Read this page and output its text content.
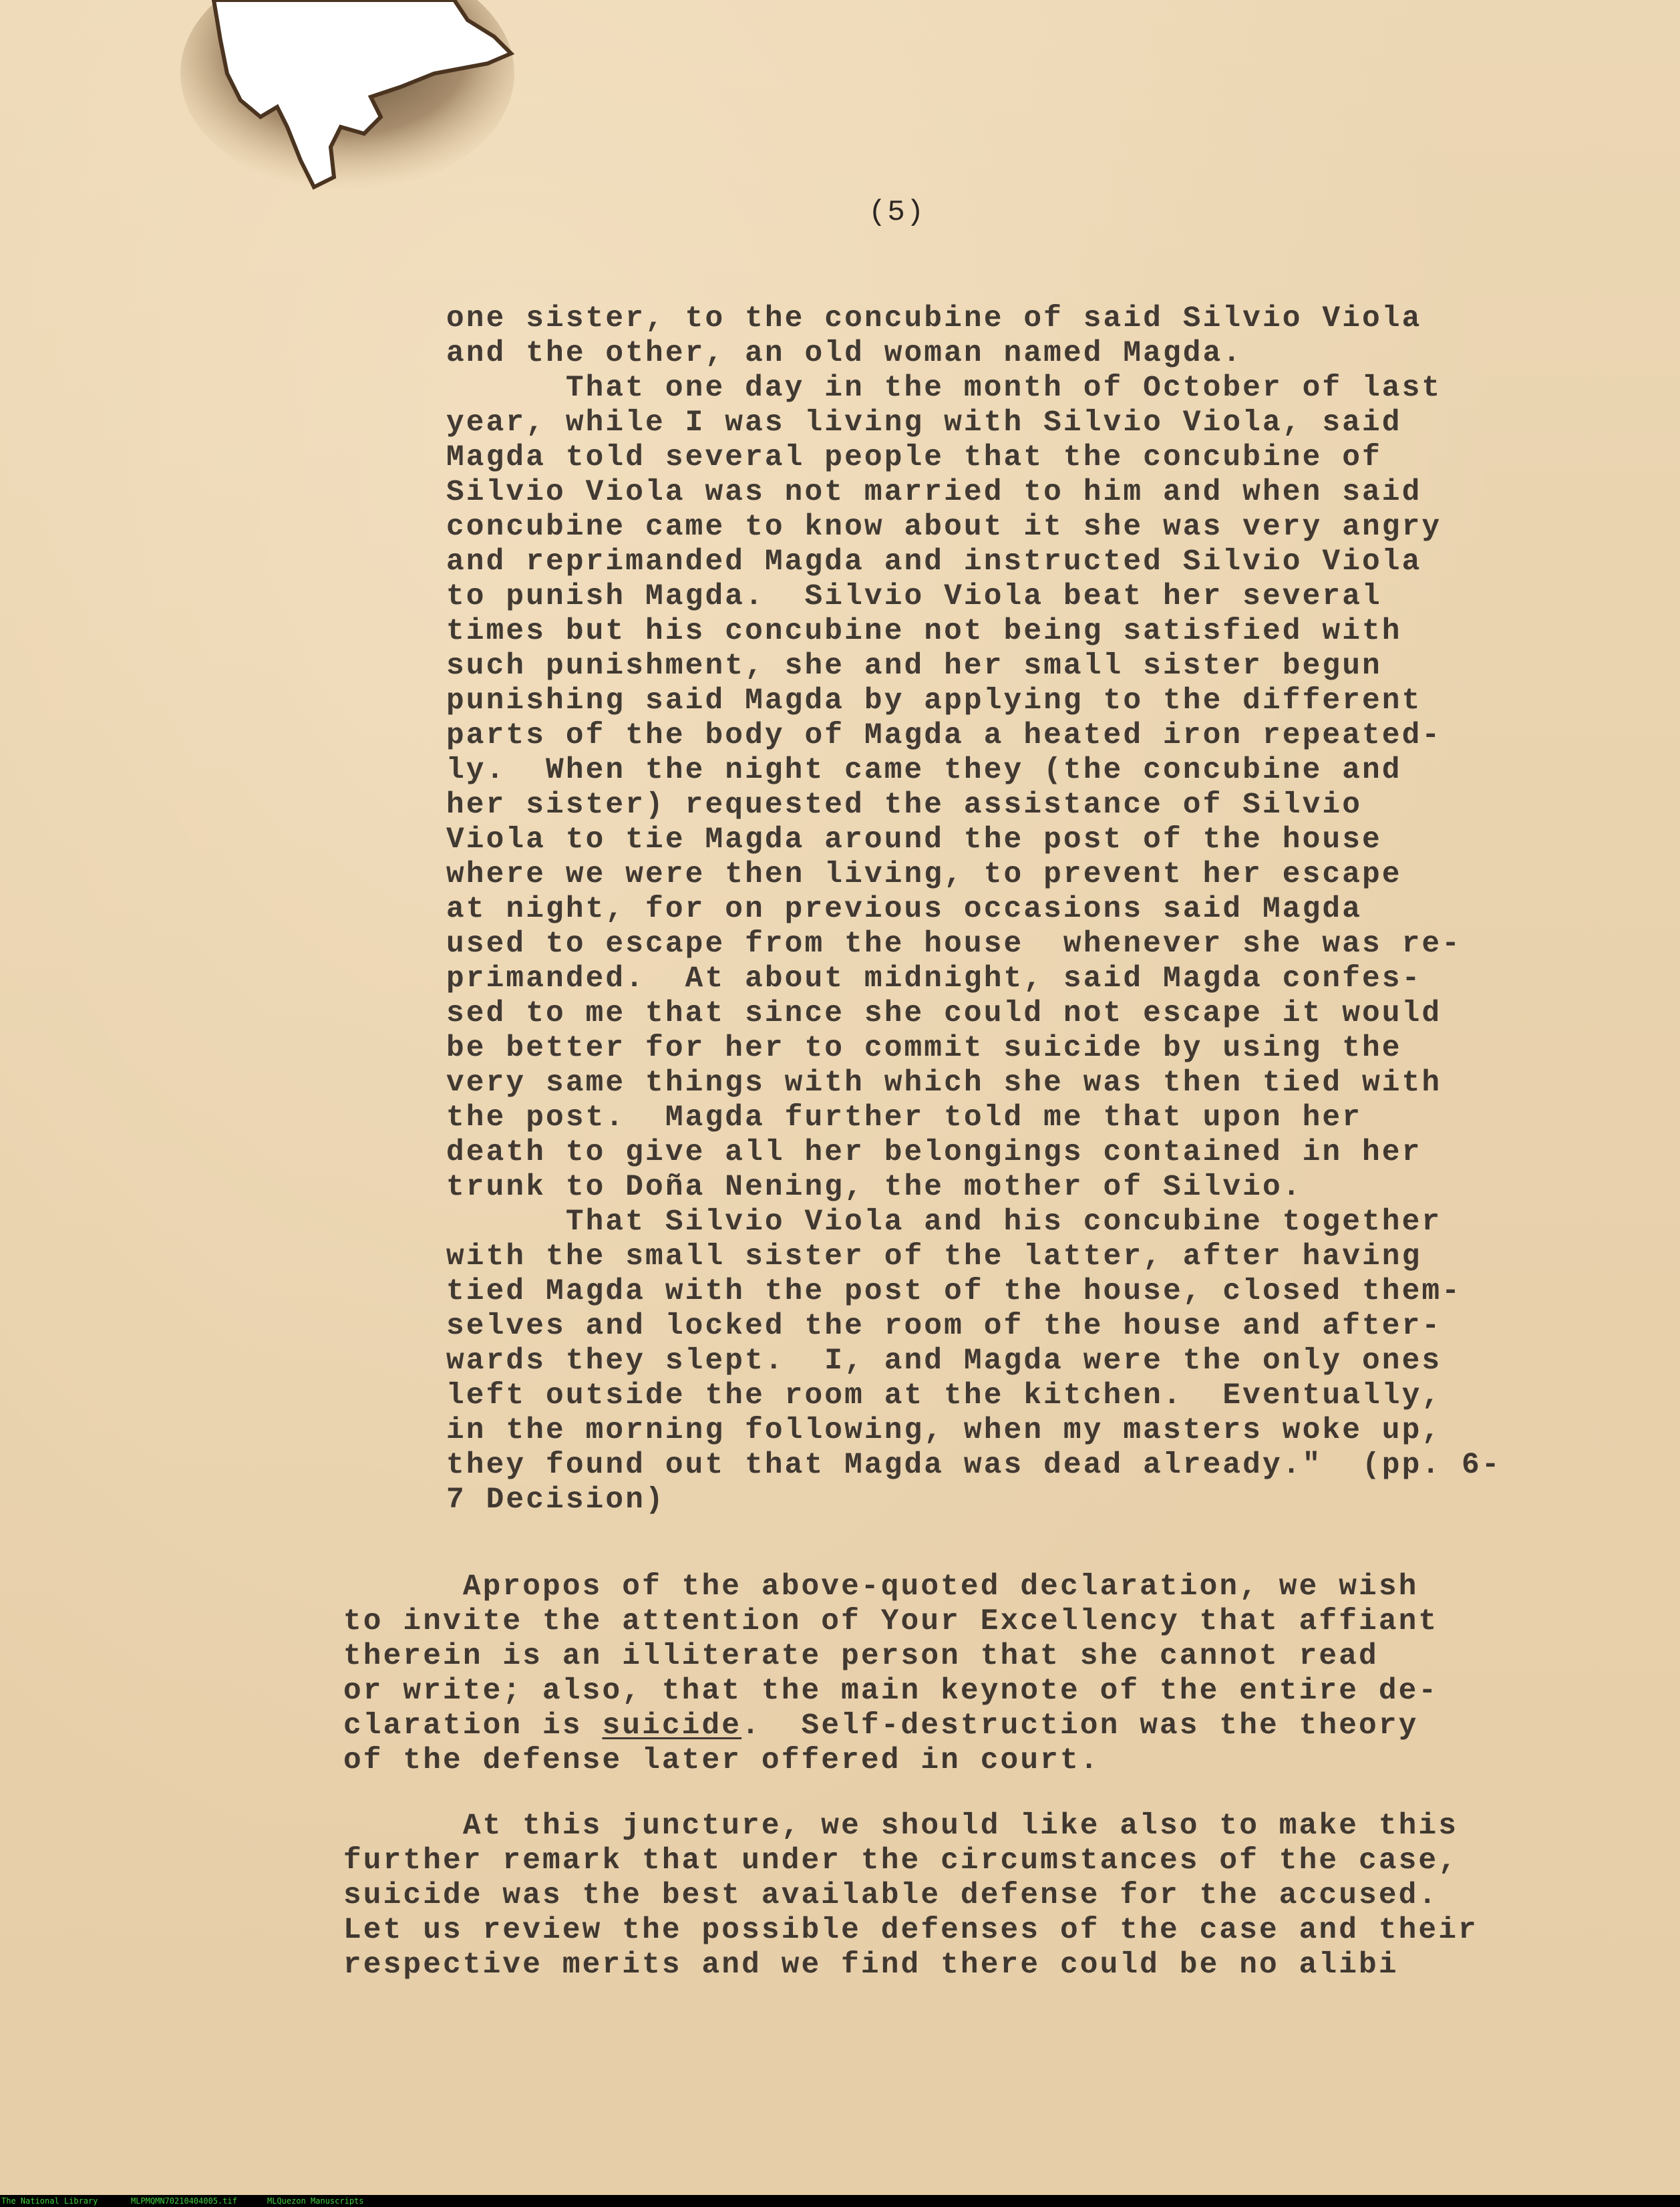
(5)
one sister, to the concubine of said Silvio Viola
and the other, an old woman named Magda.
That one day in the month of October of last
year, while I was living with Silvio Viola, said
Magda told several people that the concubine of
Silvio Viola was not married to him and when said
concubine came to know about it she was very angry
and reprimanded Magda and instructed Silvio Viola
to punish Magda.  Silvio Viola beat her several
times but his concubine not being satisfied with
such punishment, she and her small sister begun
punishing said Magda by applying to the different
parts of the body of Magda a heated iron repeated-
ly.  When the night came they (the concubine and
her sister) requested the assistance of Silvio
Viola to tie Magda around the post of the house
where we were then living, to prevent her escape
at night, for on previous occasions said Magda
used to escape from the house  whenever she was re-
primanded.  At about midnight, said Magda confes-
sed to me that since she could not escape it would
be better for her to commit suicide by using the
very same things with which she was then tied with
the post.  Magda further told me that upon her
death to give all her belongings contained in her
trunk to Doña Nening, the mother of Silvio.
That Silvio Viola and his concubine together
with the small sister of the latter, after having
tied Magda with the post of the house, closed them-
selves and locked the room of the house and after-
wards they slept.  I, and Magda were the only ones
left outside the room at the kitchen.  Eventually,
in the morning following, when my masters woke up,
they found out that Magda was dead already."  (pp. 6-
7 Decision)
Apropos of the above-quoted declaration, we wish
to invite the attention of Your Excellency that affiant
therein is an illiterate person that she cannot read
or write; also, that the main keynote of the entire de-
claration is suicide.  Self-destruction was the theory
of the defense later offered in court.
At this juncture, we should like also to make this
further remark that under the circumstances of the case,
suicide was the best available defense for the accused.
Let us review the possible defenses of the case and their
respective merits and we find there could be no alibi
The National Library	MLPMQMN70210404005.tif	MLQuezon Manuscripts
